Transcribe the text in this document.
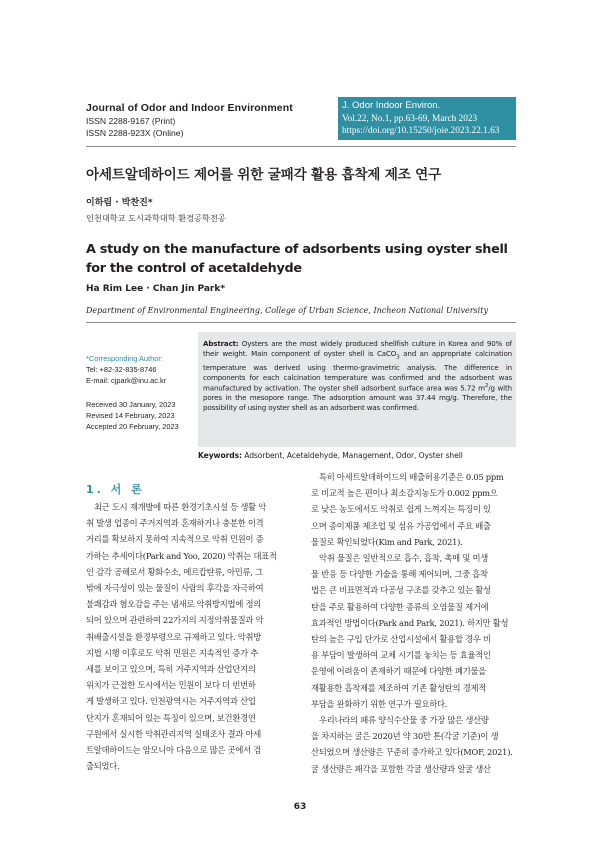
Journal of Odor and Indoor Environment
ISSN 2288-9167 (Print)
ISSN 2288-923X (Online)
J. Odor Indoor Environ.
Vol.22, No.1, pp.63-69, March 2023
https://doi.org/10.15250/joie.2023.22.1.63
아세트알데하이드 제어를 위한 굴패각 활용 흡착제 제조 연구
이하림 · 박찬진*
인천대학교 도시과학대학 환경공학전공
A study on the manufacture of adsorbents using oyster shell for the control of acetaldehyde
Ha Rim Lee · Chan Jin Park*
Department of Environmental Engineering, College of Urban Science, Incheon National University
*Corresponding Author:
Tel: +82-32-835-8746
E-mail: cjpark@inu.ac.kr
Received 30 January, 2023
Revised 14 February, 2023
Accepted 20 February, 2023
Abstract: Oysters are the most widely produced shellfish culture in Korea and 90% of their weight. Main component of oyster shell is CaCO$_3$ and an appropriate calcination temperature was derived using thermo-gravimetric analysis. The difference in components for each calcination temperature was confirmed and the adsorbent was manufactured by activation. The oyster shell adsorbent surface area was 5.72 $m^2/g$ with pores in the mesopore range. The adsorption amount was 37.44 mg/g. Therefore, the possibility of using oyster shell as an adsorbent was confirmed.
Keywords: Adsorbent, Acetaldehyde, Management, Odor, Oyster shell
1. 서 론
최근 도시 재개발에 따른 환경기초시설 등 생활 악
취 발생 업종이 주거지역과 혼재하거나 충분한 이격
거리를 확보하지 못하여 지속적으로 악취 민원이 증
가하는 추세이다(Park and Yoo, 2020) 악취는 대표적
인 감각 공해로서 황화수소, 메르캅탄류, 아민류, 그
밖에 자극성이 있는 물질이 사람의 후각을 자극하여
불쾌감과 혐오감을 주는 냄새로 악취방지법에 정의
되어 있으며 관련하여 22가지의 지정악취물질과 악
취배출시설을 환경부령으로 규제하고 있다. 악취방
지법 시행 이후로도 악취 민원은 지속적인 증가 추
세를 보이고 있으며, 특히 거주지역과 산업단지의
위치가 근접한 도시에서는 민원이 보다 더 빈번하
게 발생하고 있다. 인천광역시는 거주지역과 산업
단지가 혼재되어 있는 특징이 있으며, 보건환경연
구원에서 실시한 악취관리지역 실태조사 결과 아세
트알데하이드는 암모니아 다음으로 많은 곳에서 검
출되었다.
특히 아세트알데하이드의 배출허용기준은 0.05 ppm
로 비교적 높은 편이나 최소감지농도가 0.002 ppm으
로 낮은 농도에서도 악취로 쉽게 느껴지는 특징이 있
으며 종이제품 제조업 및 섬유 가공업에서 주요 배출
물질로 확인되었다(Kim and Park, 2021).
악취 물질은 일반적으로 흡수, 흡착, 촉매 및 미생
물 반응 등 다양한 기술을 통해 제어되며, 그중 흡착
법은 큰 비표면적과 다공성 구조를 갖추고 있는 활성
탄을 주로 활용하여 다양한 종류의 오염물질 제거에
효과적인 방법이다(Park and Park, 2021). 하지만 활성
탄의 높은 구입 단가로 산업시설에서 활용할 경우 비
용 부담이 발생하여 교체 시기를 놓치는 등 효율적인
운영에 어려움이 존재하기 때문에 다양한 폐기물을
재활용한 흡착제를 제조하여 기존 활성탄의 경제적
부담을 완화하기 위한 연구가 필요하다.
우리나라의 패류 양식수산물 중 가장 많은 생산량
을 차지하는 굴은 2020년 약 30만 톤(각굴 기준)이 생
산되었으며 생산량은 꾸준히 증가하고 있다(MOF, 2021).
굴 생산량은 패각을 포함한 각굴 생산량과 알굴 생산
63
